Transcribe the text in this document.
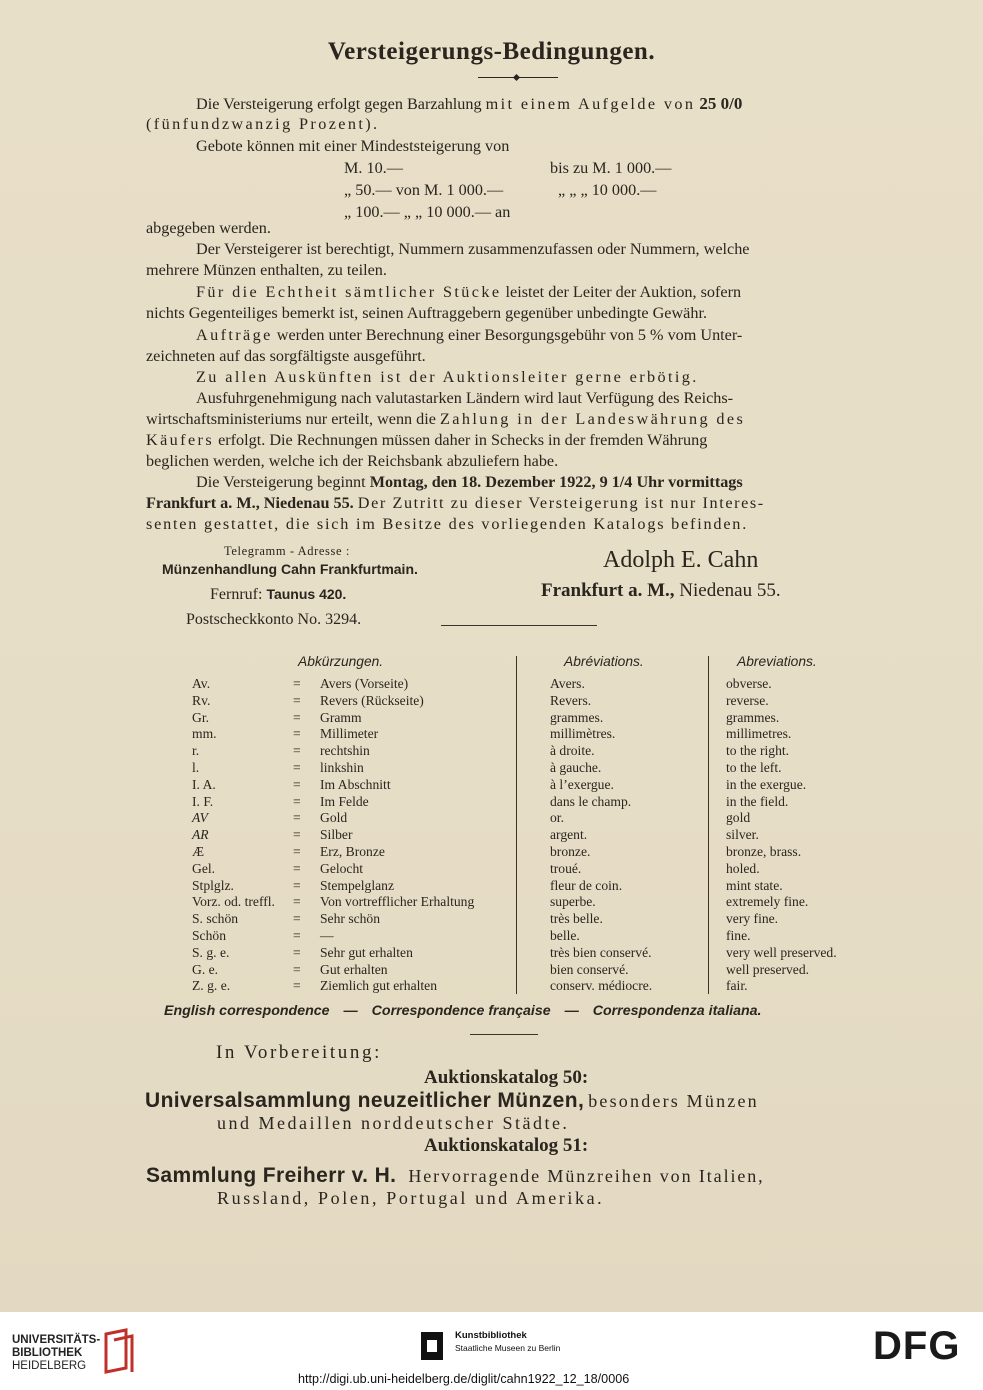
Versteigerungs-Bedingungen.
Die Versteigerung erfolgt gegen Barzahlung mit einem Aufgelde von 25 0/0
(fünfundzwanzig Prozent).
Gebote können mit einer Mindeststeigerung von
M. 10.—	bis zu M. 1 000.—
„ 50.— von M. 1 000.—	„ „ „ 10 000.—
„ 100.— „ „ 10 000.— an
abgegeben werden.
Der Versteigerer ist berechtigt, Nummern zusammenzufassen oder Nummern, welche
mehrere Münzen enthalten, zu teilen.
Für die Echtheit sämtlicher Stücke leistet der Leiter der Auktion, sofern
nichts Gegenteiliges bemerkt ist, seinen Auftraggebern gegenüber unbedingte Gewähr.
Aufträge werden unter Berechnung einer Besorgungsgebühr von 5 % vom Unter-
zeichneten auf das sorgfältigste ausgeführt.
Zu allen Auskünften ist der Auktionsleiter gerne erbötig.
Ausfuhrgenehmigung nach valutastarken Ländern wird laut Verfügung des Reichs-
wirtschaftsministeriums nur erteilt, wenn die Zahlung in der Landeswährung des
Käufers erfolgt. Die Rechnungen müssen daher in Schecks in der fremden Währung
beglichen werden, welche ich der Reichsbank abzuliefern habe.
Die Versteigerung beginnt Montag, den 18. Dezember 1922, 9 1/4 Uhr vormittags
Frankfurt a. M., Niedenau 55. Der Zutritt zu dieser Versteigerung ist nur Interes-
senten gestattet, die sich im Besitze des vorliegenden Katalogs befinden.
Telegramm - Adresse :
Münzenhandlung Cahn Frankfurtmain.
Fernruf: Taunus 420.
Postscheckkonto No. 3294.
Adolph E. Cahn
Frankfurt a. M., Niedenau 55.
Abkürzungen.	Abréviations.	Abreviations.
Av.	= Avers (Vorseite)	Avers.	obverse.
Rv.	= Revers (Rückseite)	Revers.	reverse.
Gr.	= Gramm	grammes.	grammes.
mm.	= Millimeter	millimètres.	millimetres.
r.	= rechtshin	à droite.	to the right.
l.	= linkshin	à gauche.	to the left.
I. A.	= Im Abschnitt	à l’exergue.	in the exergue.
I. F.	= Im Felde	dans le champ.	in the field.
AV	= Gold	or.	gold
AR	= Silber	argent.	silver.
Æ	= Erz, Bronze	bronze.	bronze, brass.
Gel.	= Gelocht	troué.	holed.
Stplglz.	= Stempelglanz	fleur de coin.	mint state.
Vorz. od. treffl. = Von vortrefflicher Erhaltung	superbe.	extremely fine.
S. schön	= Sehr schön	très belle.	very fine.
Schön	= —	belle.	fine.
S. g. e.	= Sehr gut erhalten	très bien conservé.	very well preserved.
G. e.	= Gut erhalten	bien conservé.	well preserved.
Z. g. e.	= Ziemlich gut erhalten	conserv. médiocre.	fair.
English correspondence — Correspondence française — Correspondenza italiana.
In Vorbereitung:
Auktionskatalog 50:
Universalsammlung neuzeitlicher Münzen, besonders Münzen
und Medaillen norddeutscher Städte.
Auktionskatalog 51:
Sammlung Freiherr v. H. Hervorragende Münzreihen von Italien,
Russland, Polen, Portugal und Amerika.
UNIVERSITÄTS-
BIBLIOTHEK
HEIDELBERG
Kunstbibliothek
Staatliche Museen zu Berlin	DFG
http://digi.ub.uni-heidelberg.de/diglit/cahn1922_12_18/0006
